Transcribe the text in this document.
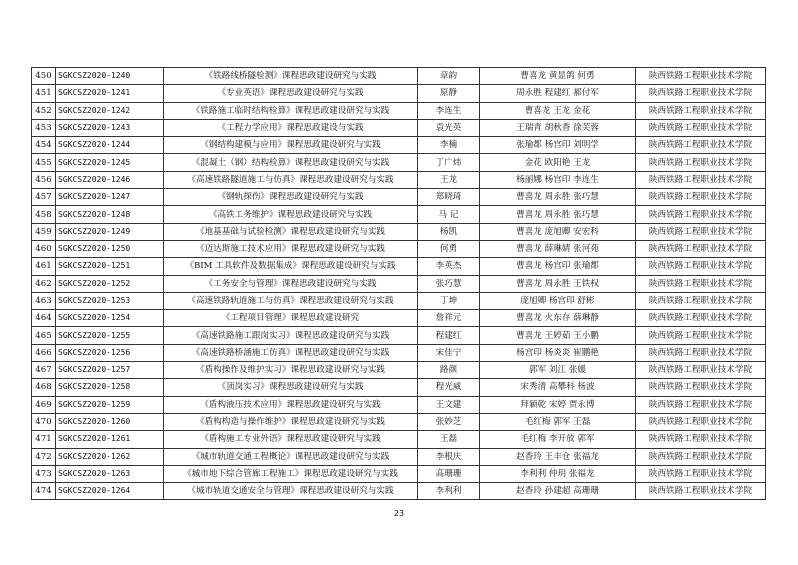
450	SGKCSZ2020-1240	《铁路线桥隧检测》课程思政建设研究与实践	章韵	曹喜龙 黄显鸽 何勇	陕西铁路工程职业技术学院
451	SGKCSZ2020-1241	《专业英语》课程思政建设研究与实践	原静	周永胜 程建红 郝付军	陕西铁路工程职业技术学院
452	SGKCSZ2020-1242	《铁路施工临时结构检算》课程思政建设研究与实践	李连生	曹喜龙 王龙 金花	陕西铁路工程职业技术学院
453	SGKCSZ2020-1243	《工程力学应用》课程思政建设与实践	袁光英	王瑞青 胡秋香 徐芙蓉	陕西铁路工程职业技术学院
454	SGKCSZ2020-1244	《钢结构建模与应用》课程思政建设研究与实践	李楠	张瑜都 杨宫印 刘明学	陕西铁路工程职业技术学院
455	SGKCSZ2020-1245	《混凝土（钢）结构检算》课程思政建设研究与实践	丁广炜	金花 欧阳艳 王龙	陕西铁路工程职业技术学院
456	SGKCSZ2020-1246	《高速铁路隧道施工与仿真》课程思政建设研究与实践	王龙	杨丽娜 杨宫印 李连生	陕西铁路工程职业技术学院
457	SGKCSZ2020-1247	《钢轨探伤》课程思政建设研究与实践	郑晓琦	曹喜龙 周永胜 张巧慧	陕西铁路工程职业技术学院
458	SGKCSZ2020-1248	《高铁工务维护》课程思政建设研究与实践	马 记	曹喜龙 周永胜 张巧慧	陕西铁路工程职业技术学院
459	SGKCSZ2020-1249	《地基基础与试验检测》课程思政建设研究与实践	杨凯	曹喜龙 庞旭卿 安宏科	陕西铁路工程职业技术学院
460	SGKCSZ2020-1250	《迈达斯施工技术应用》课程思政建设研究与实践	何勇	曹喜龙 薛琳婧 张河苑	陕西铁路工程职业技术学院
461	SGKCSZ2020-1251	《BIM 工具软件及数据集成》课程思政建设研究与实践	李英杰	曹喜龙 杨宫印 张瑜都	陕西铁路工程职业技术学院
462	SGKCSZ2020-1252	《工务安全与管理》课程思政建设研究与实践	张巧慧	曹喜龙 周永胜 王铁权	陕西铁路工程职业技术学院
463	SGKCSZ2020-1253	《高速铁路轨道施工与仿真》课程思政建设研究与实践	丁坤	庞旭卿 杨宫印 舒彬	陕西铁路工程职业技术学院
464	SGKCSZ2020-1254	《工程项目管理》课程思政建设研究	詹祥元	曹喜龙 火东存 薛琳静	陕西铁路工程职业技术学院
465	SGKCSZ2020-1255	《高速铁路施工跟岗实习》课程思政建设研究与实践	程建红	曹喜龙 王婷茹 王小鹏	陕西铁路工程职业技术学院
466	SGKCSZ2020-1256	《高速铁路桥涵施工仿真》课程思政建设研究与实践	宋佳宁	杨宫印 杨炎炎 崔鹏艳	陕西铁路工程职业技术学院
467	SGKCSZ2020-1257	《盾构操作及维护实习》课程思政建设研究与实践	路颜	郭军 刘江 张媛	陕西铁路工程职业技术学院
468	SGKCSZ2020-1258	《顶岗实习》课程思政建设研究与实践	程光威	宋秀清 高攀科 杨波	陕西铁路工程职业技术学院
469	SGKCSZ2020-1259	《盾构液压技术应用》课程思政建设研究与实践	王文建	拜颖乾 宋婷 贾永博	陕西铁路工程职业技术学院
470	SGKCSZ2020-1260	《盾构构造与操作维护》课程思政建设研究与实践	张妙芝	毛红梅 郭军 王磊	陕西铁路工程职业技术学院
471	SGKCSZ2020-1261	《盾构施工专业外语》课程思政建设研究与实践	王磊	毛红梅 李开放 郭军	陕西铁路工程职业技术学院
472	SGKCSZ2020-1262	《城市轨道交通工程概论》课程思政建设研究与实践	李根庆	赵香玲 王丰仓 张福龙	陕西铁路工程职业技术学院
473	SGKCSZ2020-1263	《城市地下综合管廊工程施工》课程思政建设研究与实践	高珊珊	李利利 仲玥 张福龙	陕西铁路工程职业技术学院
474	SGKCSZ2020-1264	《城市轨道交通安全与管理》课程思政建设研究与实践	李利利	赵香玲 孙建超 高珊珊	陕西铁路工程职业技术学院
23
